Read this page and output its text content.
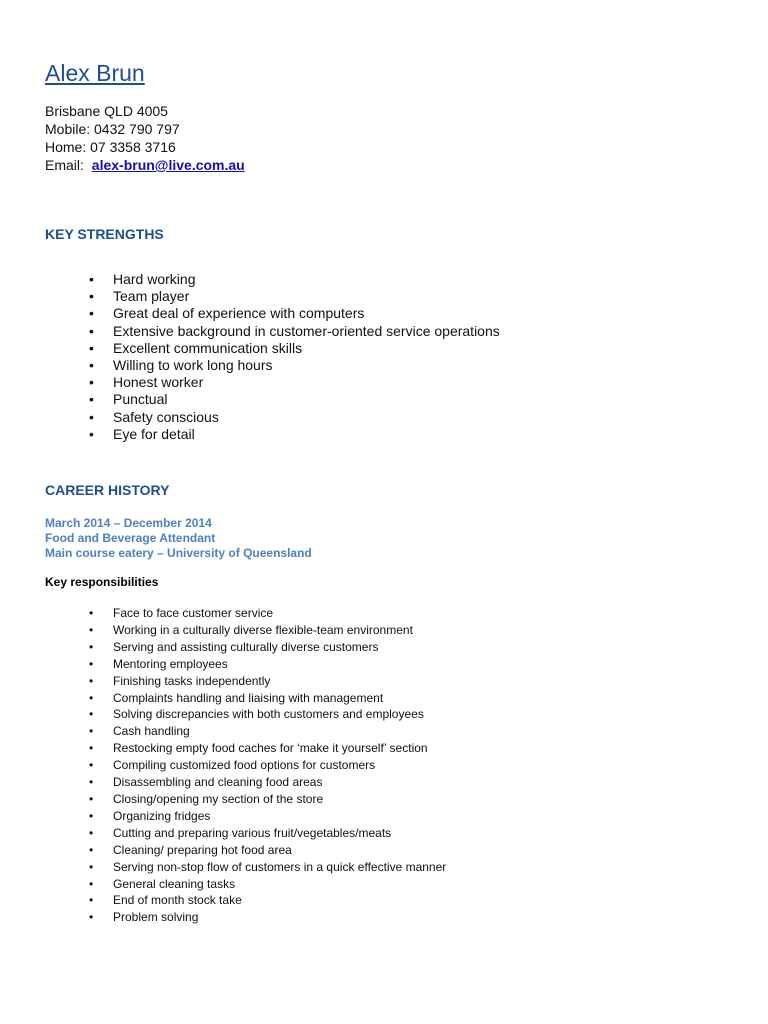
Alex Brun
Brisbane QLD 4005
Mobile: 0432 790 797
Home: 07 3358 3716
Email: alex-brun@live.com.au
KEY STRENGTHS
• Hard working
• Team player
• Great deal of experience with computers
• Extensive background in customer-oriented service operations
• Excellent communication skills
• Willing to work long hours
• Honest worker
• Punctual
• Safety conscious
• Eye for detail
CAREER HISTORY
March 2014 – December 2014
Food and Beverage Attendant
Main course eatery – University of Queensland
Key responsibilities
• Face to face customer service
• Working in a culturally diverse flexible-team environment
• Serving and assisting culturally diverse customers
• Mentoring employees
• Finishing tasks independently
• Complaints handling and liaising with management
• Solving discrepancies with both customers and employees
• Cash handling
• Restocking empty food caches for ‘make it yourself’ section
• Compiling customized food options for customers
• Disassembling and cleaning food areas
• Closing/opening my section of the store
• Organizing fridges
• Cutting and preparing various fruit/vegetables/meats
• Cleaning/ preparing hot food area
• Serving non-stop flow of customers in a quick effective manner
• General cleaning tasks
• End of month stock take
• Problem solving
